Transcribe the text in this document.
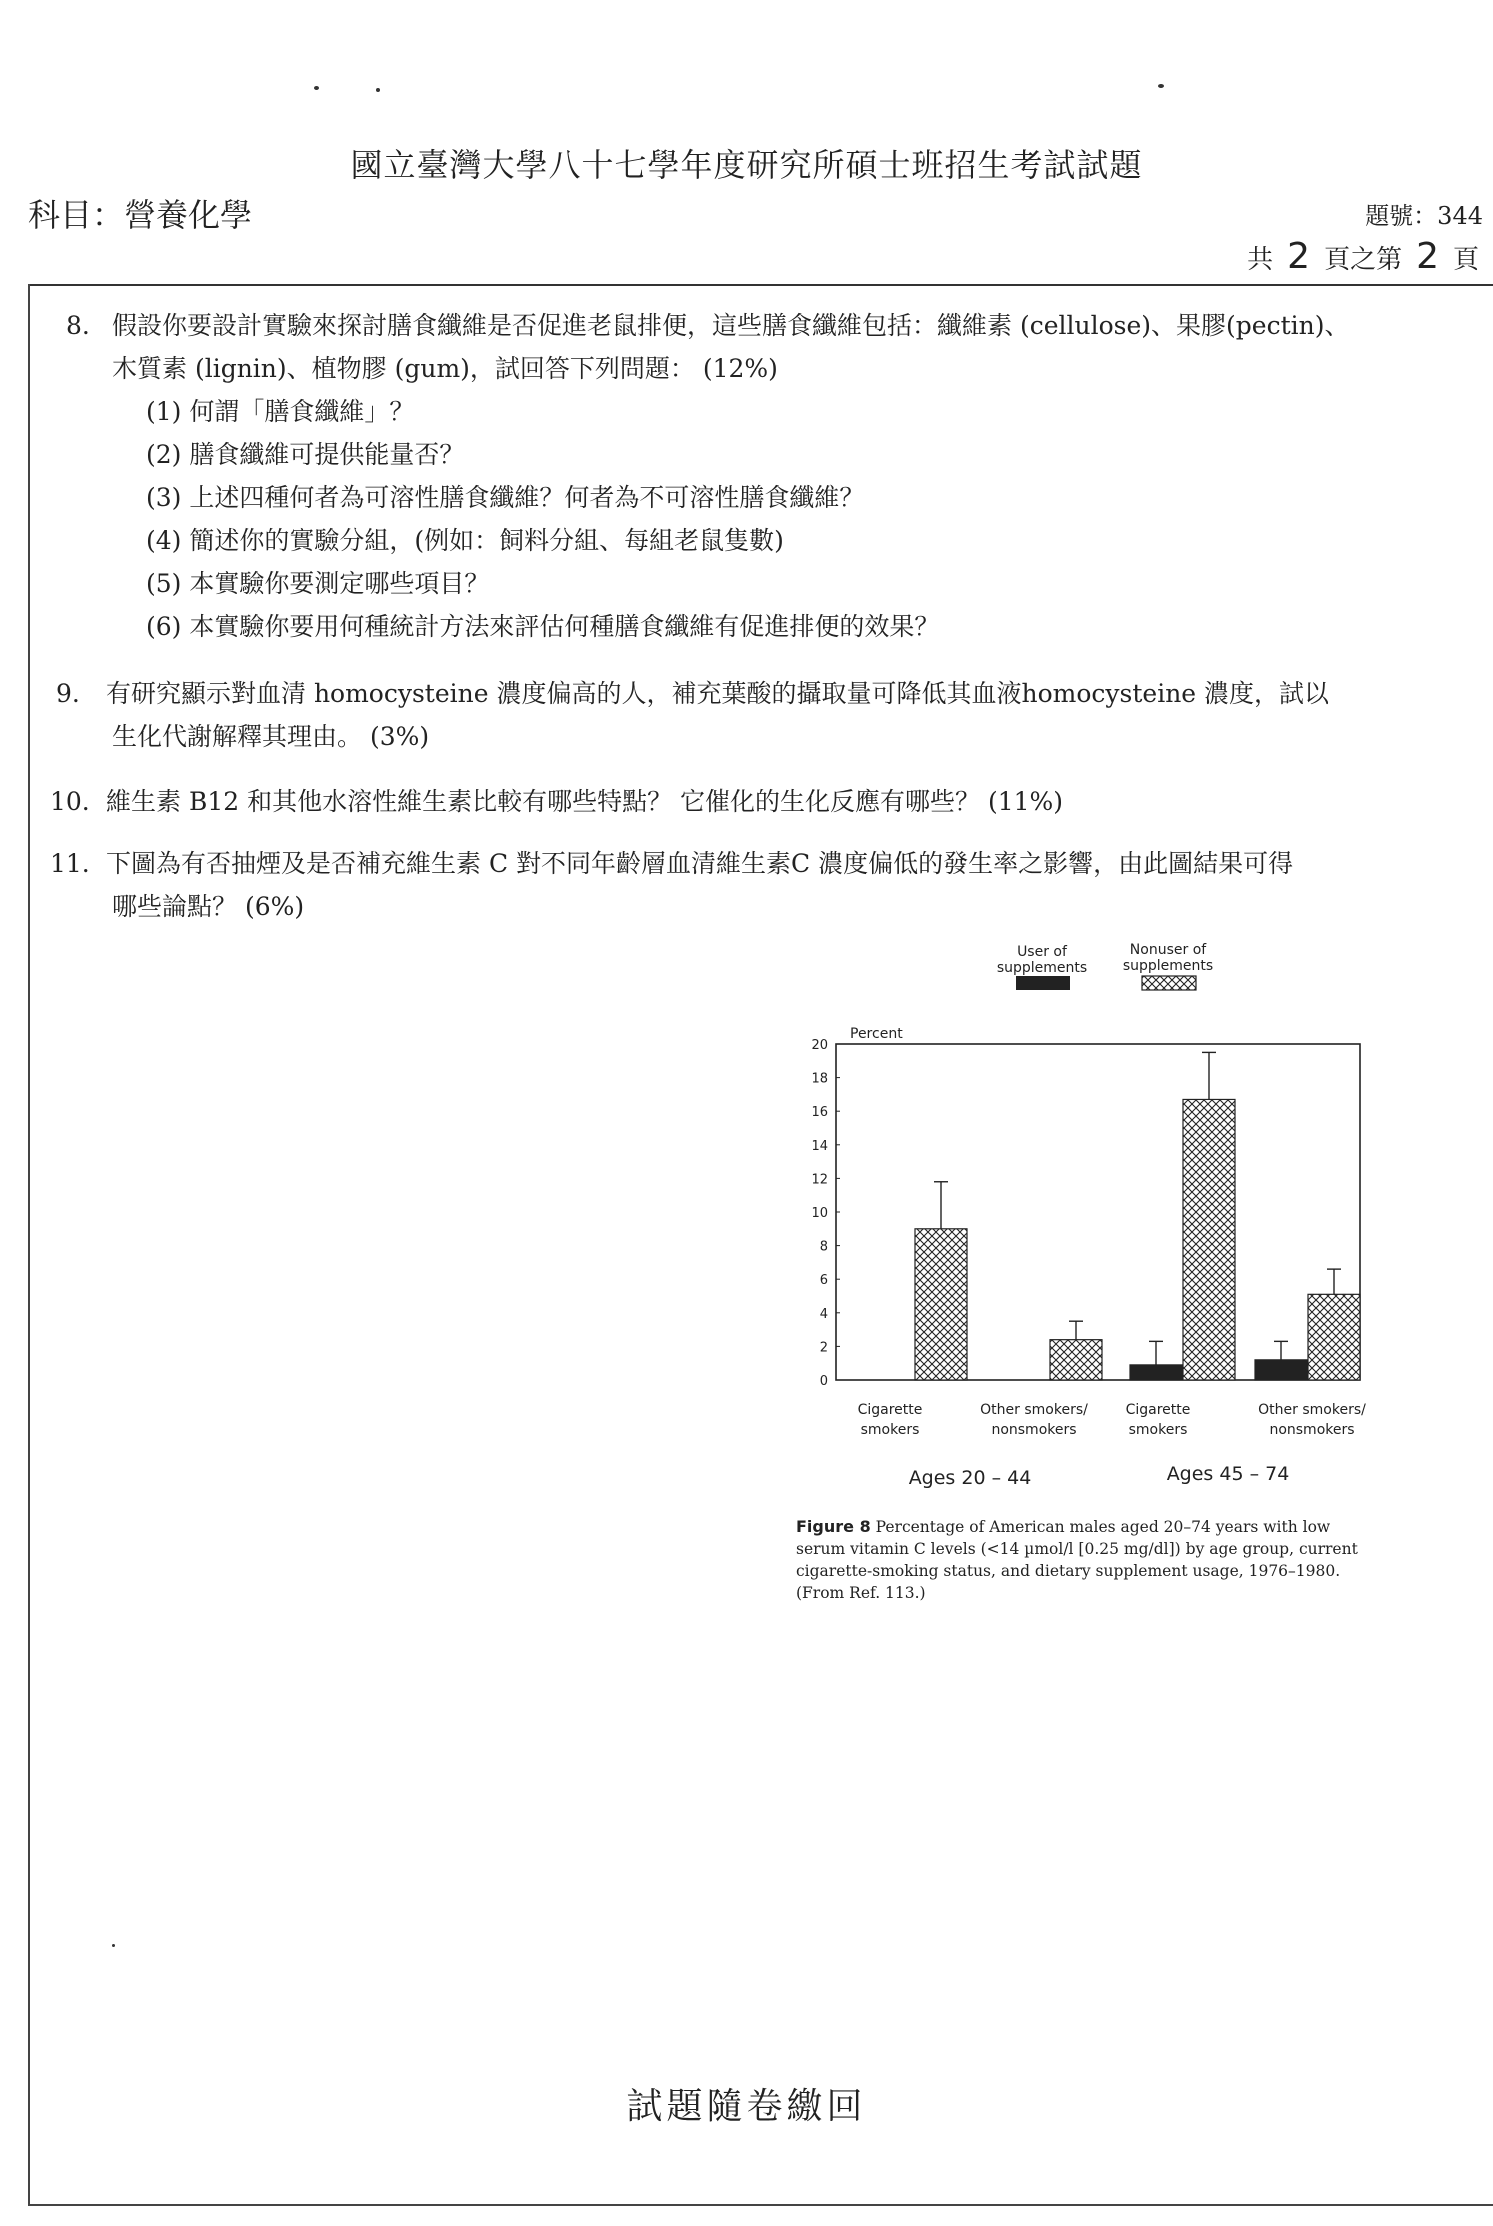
國立臺灣大學八十七學年度研究所碩士班招生考試試題
科目：營養化學	題號：344
共 2 頁之第 2 頁
8. 假設你要設計實驗來探討膳食纖維是否促進老鼠排便，這些膳食纖維包括：纖維素 (cellulose)、果膠(pectin)、
木質素 (lignin)、植物膠 (gum)，試回答下列問題： (12%)
(1) 何謂「膳食纖維」？
(2) 膳食纖維可提供能量否？
(3) 上述四種何者為可溶性膳食纖維？何者為不可溶性膳食纖維？
(4) 簡述你的實驗分組，(例如：飼料分組、每組老鼠隻數)
(5) 本實驗你要測定哪些項目？
(6) 本實驗你要用何種統計方法來評估何種膳食纖維有促進排便的效果？
9. 有研究顯示對血清 homocysteine 濃度偏高的人，補充葉酸的攝取量可降低其血液homocysteine 濃度，試以
生化代謝解釋其理由。 (3%)
10. 維生素 B12 和其他水溶性維生素比較有哪些特點？ 它催化的生化反應有哪些？ (11%)
11. 下圖為有否抽煙及是否補充維生素 C 對不同年齡層血清維生素C 濃度偏低的發生率之影響，由此圖結果可得
哪些論點？ (6%)
User of
supplements
Nonuser of
supplements
Percent
0
2
4
6
8
10
12
14
16
18
20
Cigarette
smokers
Other smokers/
nonsmokers
Cigarette
smokers
Other smokers/
nonsmokers
Ages 20 – 44	Ages 45 – 74
Figure 8 Percentage of American males aged 20–74 years with low serum vitamin C levels (<14 µmol/l [0.25 mg/dl]) by age group, current cigarette-smoking status, and dietary supplement usage, 1976–1980. (From Ref. 113.)
試題隨卷繳回
